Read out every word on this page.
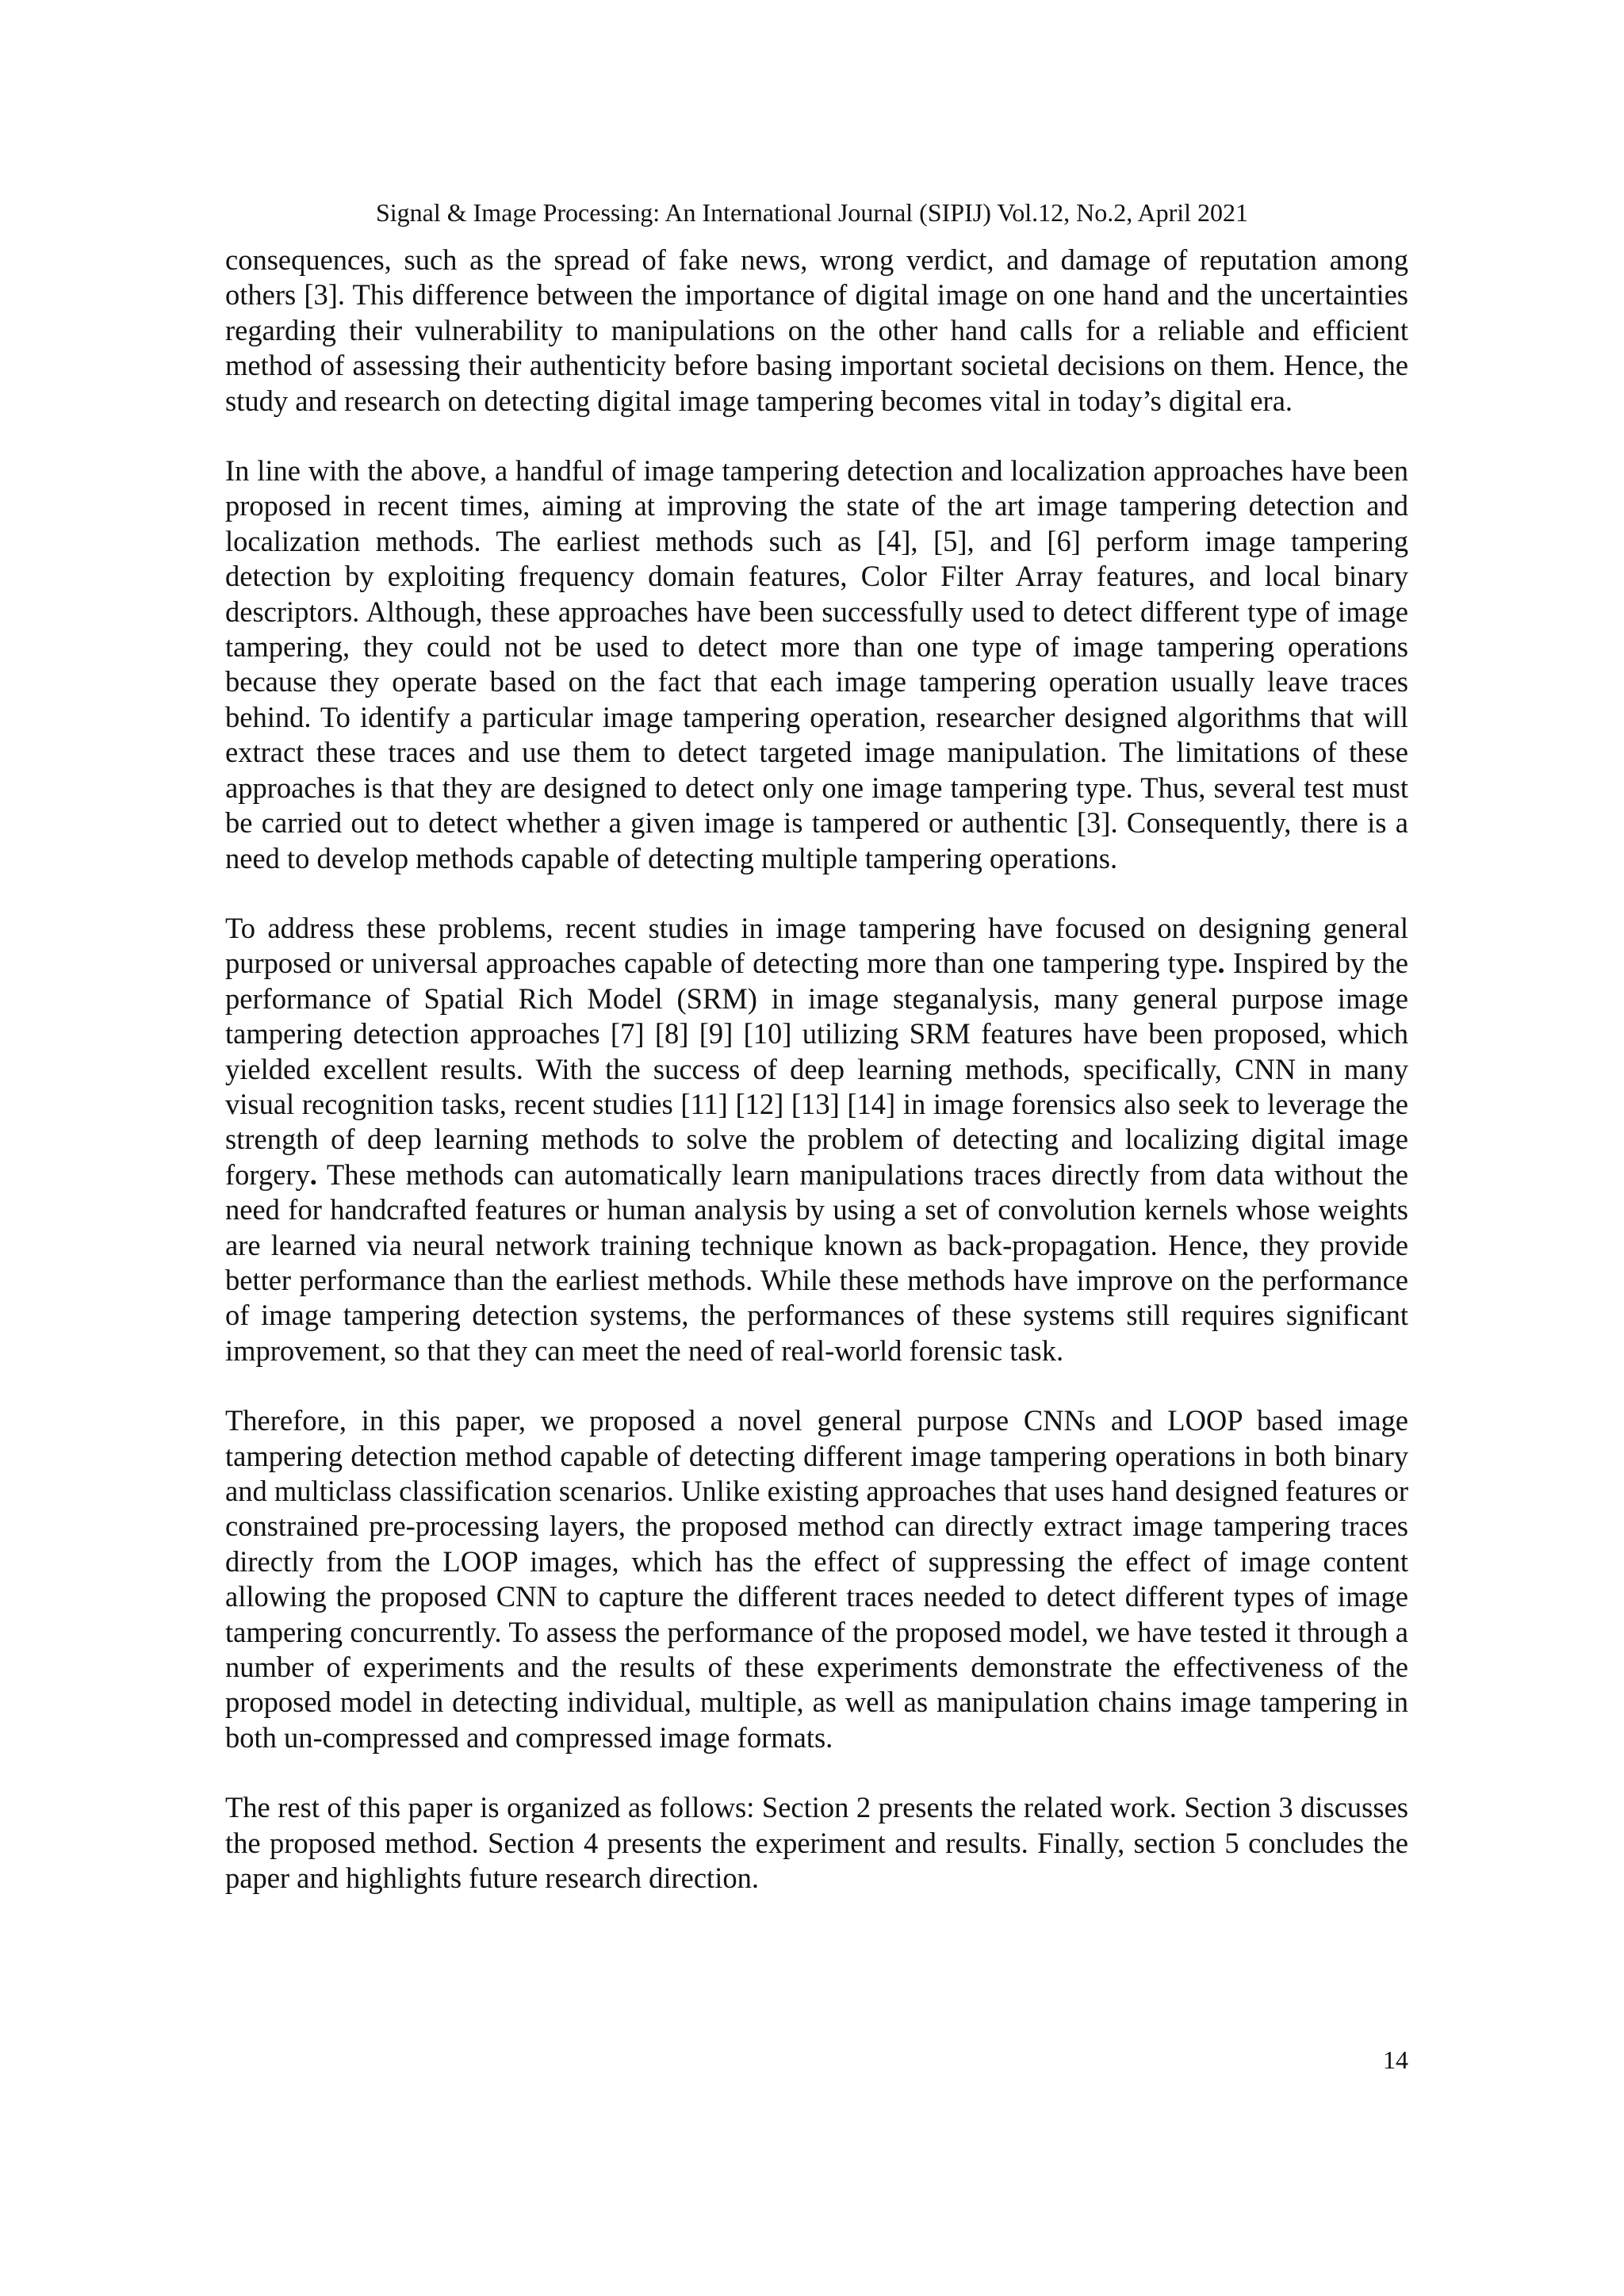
Signal & Image Processing: An International Journal (SIPIJ) Vol.12, No.2, April 2021

consequences, such as the spread of fake news, wrong verdict, and damage of reputation among others [3]. This difference between the importance of digital image on one hand and the uncertainties regarding their vulnerability to manipulations on the other hand calls for a reliable and efficient method of assessing their authenticity before basing important societal decisions on them. Hence, the study and research on detecting digital image tampering becomes vital in today’s digital era.

In line with the above, a handful of image tampering detection and localization approaches have been proposed in recent times, aiming at improving the state of the art image tampering detection and localization methods. The earliest methods such as [4], [5], and [6] perform image tampering detection by exploiting frequency domain features, Color Filter Array features, and local binary descriptors. Although, these approaches have been successfully used to detect different type of image tampering, they could not be used to detect more than one type of image tampering operations because they operate based on the fact that each image tampering operation usually leave traces behind. To identify a particular image tampering operation, researcher designed algorithms that will extract these traces and use them to detect targeted image manipulation. The limitations of these approaches is that they are designed to detect only one image tampering type. Thus, several test must be carried out to detect whether a given image is tampered or authentic [3]. Consequently, there is a need to develop methods capable of detecting multiple tampering operations.

To address these problems, recent studies in image tampering have focused on designing general purposed or universal approaches capable of detecting more than one tampering type. Inspired by the performance of Spatial Rich Model (SRM) in image steganalysis, many general purpose image tampering detection approaches [7] [8] [9] [10] utilizing SRM features have been proposed, which yielded excellent results. With the success of deep learning methods, specifically, CNN in many visual recognition tasks, recent studies [11] [12] [13] [14] in image forensics also seek to leverage the strength of deep learning methods to solve the problem of detecting and localizing digital image forgery. These methods can automatically learn manipulations traces directly from data without the need for handcrafted features or human analysis by using a set of convolution kernels whose weights are learned via neural network training technique known as back-propagation. Hence, they provide better performance than the earliest methods. While these methods have improve on the performance of image tampering detection systems, the performances of these systems still requires significant improvement, so that they can meet the need of real-world forensic task.

Therefore, in this paper, we proposed a novel general purpose CNNs and LOOP based image tampering detection method capable of detecting different image tampering operations in both binary and multiclass classification scenarios. Unlike existing approaches that uses hand designed features or constrained pre-processing layers, the proposed method can directly extract image tampering traces directly from the LOOP images, which has the effect of suppressing the effect of image content allowing the proposed CNN to capture the different traces needed to detect different types of image tampering concurrently. To assess the performance of the proposed model, we have tested it through a number of experiments and the results of these experiments demonstrate the effectiveness of the proposed model in detecting individual, multiple, as well as manipulation chains image tampering in both un-compressed and compressed image formats.

The rest of this paper is organized as follows: Section 2 presents the related work. Section 3 discusses the proposed method. Section 4 presents the experiment and results. Finally, section 5 concludes the paper and highlights future research direction.

14
